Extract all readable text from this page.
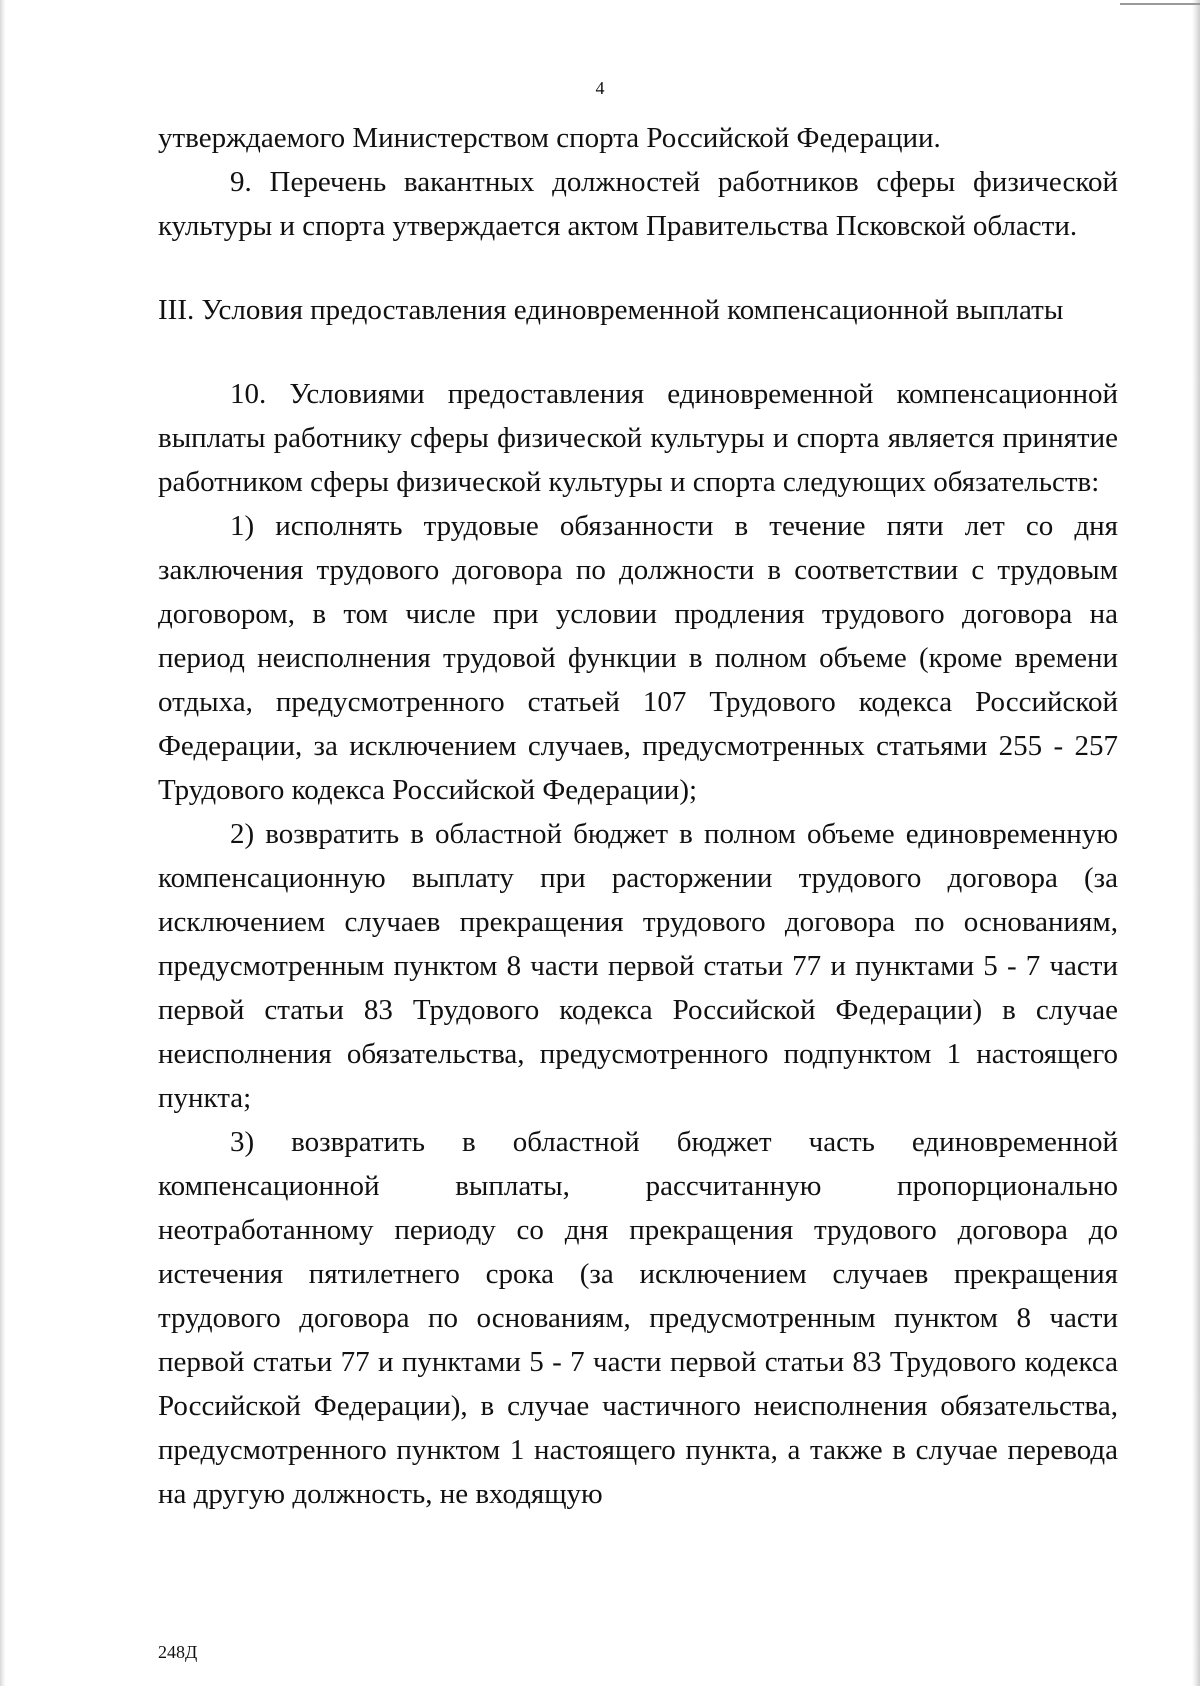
4

утверждаемого Министерством спорта Российской Федерации.

9. Перечень вакантных должностей работников сферы физической культуры и спорта утверждается актом Правительства Псковской области.

III. Условия предоставления единовременной компенсационной выплаты

10. Условиями предоставления единовременной компенсационной выплаты работнику сферы физической культуры и спорта является принятие работником сферы физической культуры и спорта следующих обязательств:

1) исполнять трудовые обязанности в течение пяти лет со дня заключения трудового договора по должности в соответствии с трудовым договором, в том числе при условии продления трудового договора на период неисполнения трудовой функции в полном объеме (кроме времени отдыха, предусмотренного статьей 107 Трудового кодекса Российской Федерации, за исключением случаев, предусмотренных статьями 255 - 257 Трудового кодекса Российской Федерации);

2) возвратить в областной бюджет в полном объеме единовременную компенсационную выплату при расторжении трудового договора (за исключением случаев прекращения трудового договора по основаниям, предусмотренным пунктом 8 части первой статьи 77 и пунктами 5 - 7 части первой статьи 83 Трудового кодекса Российской Федерации) в случае неисполнения обязательства, предусмотренного подпунктом 1 настоящего пункта;

3) возвратить в областной бюджет часть единовременной компенсационной выплаты, рассчитанную пропорционально неотработанному периоду со дня прекращения трудового договора до истечения пятилетнего срока (за исключением случаев прекращения трудового договора по основаниям, предусмотренным пунктом 8 части первой статьи 77 и пунктами 5 - 7 части первой статьи 83 Трудового кодекса Российской Федерации), в случае частичного неисполнения обязательства, предусмотренного пунктом 1 настоящего пункта, а также в случае перевода на другую должность, не входящую

248Д
